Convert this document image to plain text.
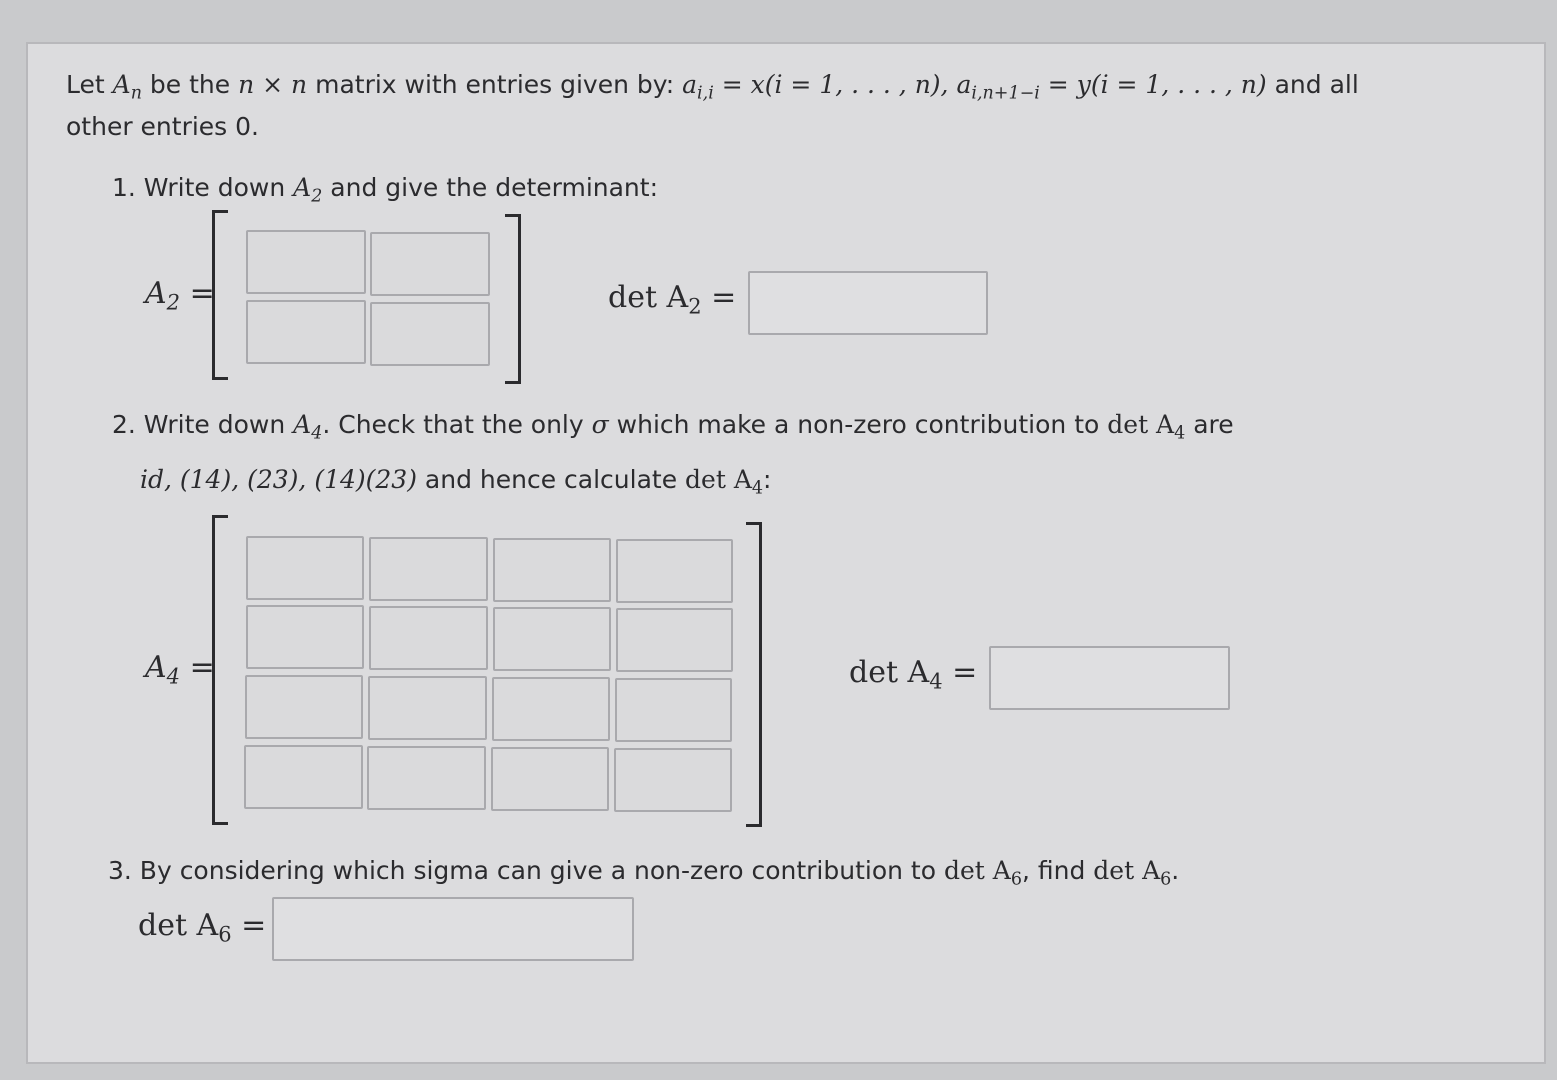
Let $A_n$ be the n × n matrix with entries given by: $a_{i,i} = x(i = 1$, . . . , n), $a_{i,n+1-i} = y(i = 1$, . . . , n) and all
other entries 0.
1. Write down $A_2$ and give the determinant:
$A_2$ =	$\det A_2$ =
2. Write down $A_4$. Check that the only σ which make a non-zero contribution to $\det A_4$ are
id, (14), (23), (14)(23) and hence calculate $\det A_4$:
$A_4$ =	$\det A_4$ =
3. By considering which sigma can give a non-zero contribution to $\det A_6$, find $\det A_6$.
$\det A_6$ =
